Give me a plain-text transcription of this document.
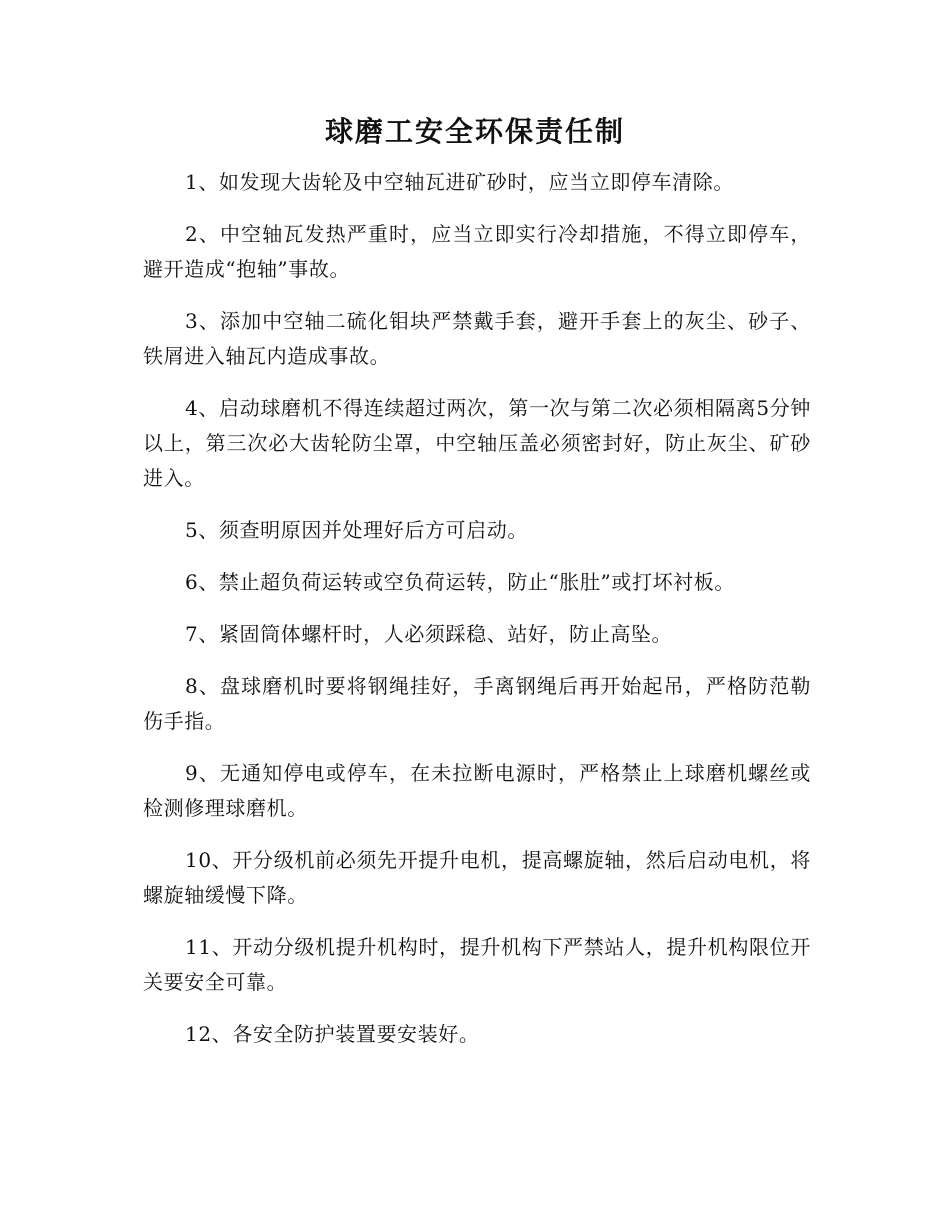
球磨工安全环保责任制

1、如发现大齿轮及中空轴瓦进矿砂时，应当立即停车清除。

2、中空轴瓦发热严重时，应当立即实行冷却措施，不得立即停车，避开造成“抱轴”事故。

3、添加中空轴二硫化钼块严禁戴手套，避开手套上的灰尘、砂子、铁屑进入轴瓦内造成事故。

4、启动球磨机不得连续超过两次，第一次与第二次必须相隔离5分钟以上，第三次必大齿轮防尘罩，中空轴压盖必须密封好，防止灰尘、矿砂进入。

5、须查明原因并处理好后方可启动。

6、禁止超负荷运转或空负荷运转，防止“胀肚”或打坏衬板。

7、紧固筒体螺杆时，人必须踩稳、站好，防止高坠。

8、盘球磨机时要将钢绳挂好，手离钢绳后再开始起吊，严格防范勒伤手指。

9、无通知停电或停车，在未拉断电源时，严格禁止上球磨机螺丝或检测修理球磨机。

10、开分级机前必须先开提升电机，提高螺旋轴，然后启动电机，将螺旋轴缓慢下降。

11、开动分级机提升机构时，提升机构下严禁站人，提升机构限位开关要安全可靠。

12、各安全防护装置要安装好。
